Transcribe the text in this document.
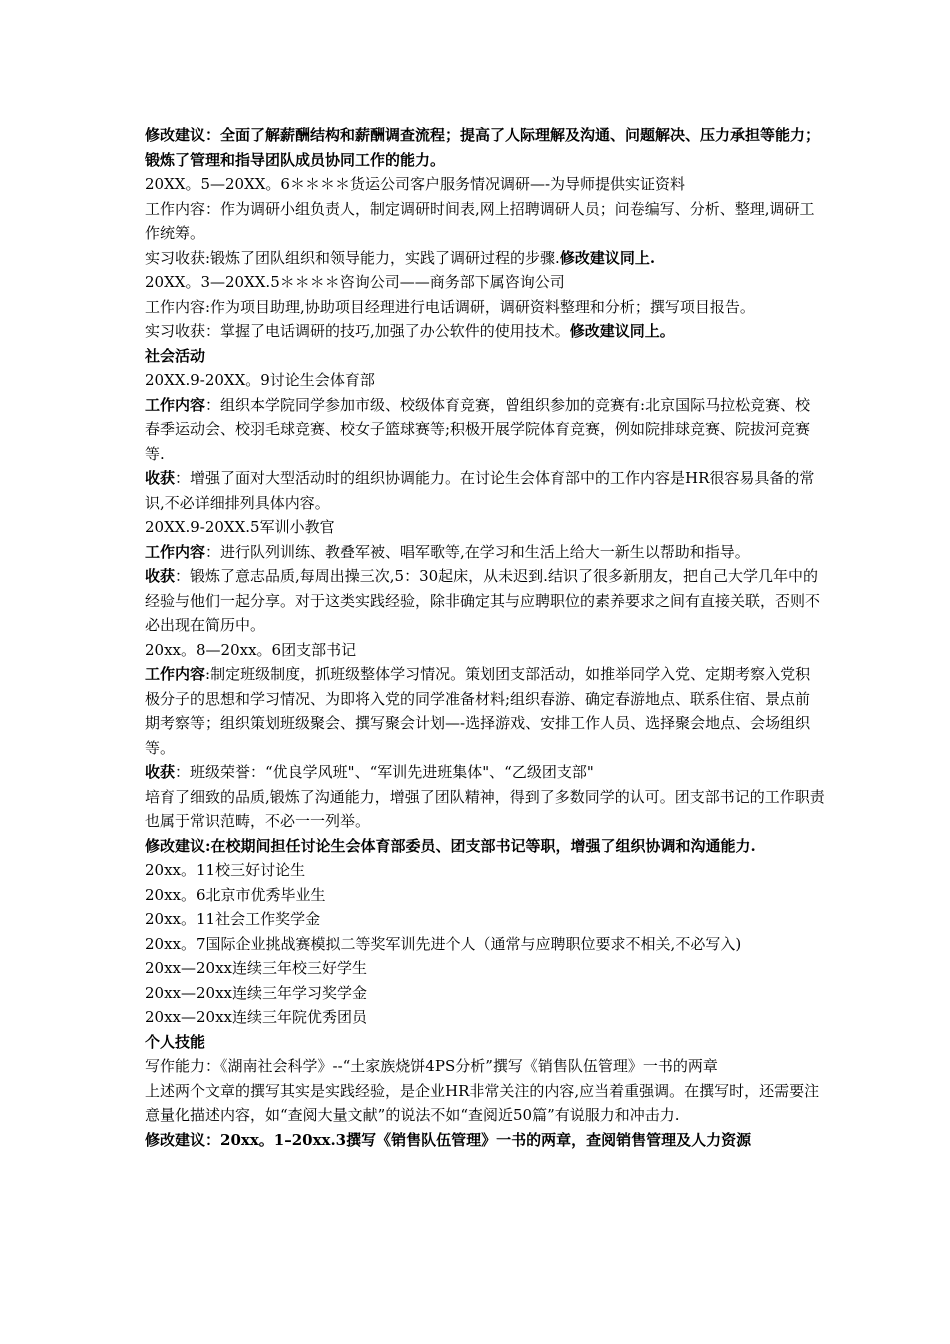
修改建议：全面了解薪酬结构和薪酬调查流程；提高了人际理解及沟通、问题解决、压力承担等能力；锻炼了管理和指导团队成员协同工作的能力。

20XX。5—20XX。6＊＊＊＊货运公司客户服务情况调研—-为导师提供实证资料

工作内容：作为调研小组负责人，制定调研时间表,网上招聘调研人员；问卷编写、分析、整理,调研工作统筹。

实习收获:锻炼了团队组织和领导能力，实践了调研过程的步骤.修改建议同上.

20XX。3—20XX.5＊＊＊＊咨询公司——商务部下属咨询公司

工作内容:作为项目助理,协助项目经理进行电话调研，调研资料整理和分析；撰写项目报告。

实习收获：掌握了电话调研的技巧,加强了办公软件的使用技术。修改建议同上。

社会活动

20XX.9-20XX。9讨论生会体育部

工作内容：组织本学院同学参加市级、校级体育竞赛，曾组织参加的竞赛有:北京国际马拉松竞赛、校春季运动会、校羽毛球竞赛、校女子篮球赛等;积极开展学院体育竞赛，例如院排球竞赛、院拔河竞赛等.

收获：增强了面对大型活动时的组织协调能力。在讨论生会体育部中的工作内容是HR很容易具备的常识,不必详细排列具体内容。

20XX.9-20XX.5军训小教官

工作内容：进行队列训练、教叠军被、唱军歌等,在学习和生活上给大一新生以帮助和指导。

收获：锻炼了意志品质,每周出操三次,5：30起床，从未迟到.结识了很多新朋友，把自己大学几年中的经验与他们一起分享。对于这类实践经验，除非确定其与应聘职位的素养要求之间有直接关联，否则不必出现在简历中。

20xx。8—20xx。6团支部书记

工作内容:制定班级制度，抓班级整体学习情况。策划团支部活动，如推举同学入党、定期考察入党积极分子的思想和学习情况、为即将入党的同学准备材料;组织春游、确定春游地点、联系住宿、景点前期考察等；组织策划班级聚会、撰写聚会计划—-选择游戏、安排工作人员、选择聚会地点、会场组织等。

收获：班级荣誉：“优良学风班"、“军训先进班集体"、“乙级团支部"

培育了细致的品质,锻炼了沟通能力，增强了团队精神，得到了多数同学的认可。团支部书记的工作职责也属于常识范畴，不必一一列举。

修改建议:在校期间担任讨论生会体育部委员、团支部书记等职，增强了组织协调和沟通能力.

20xx。11校三好讨论生

20xx。6北京市优秀毕业生

20xx。11社会工作奖学金

20xx。7国际企业挑战赛模拟二等奖军训先进个人（通常与应聘职位要求不相关,不必写入)

20xx—20xx连续三年校三好学生

20xx—20xx连续三年学习奖学金

20xx—20xx连续三年院优秀团员

个人技能

写作能力：《湖南社会科学》--“土家族烧饼4PS分析”撰写《销售队伍管理》一书的两章

上述两个文章的撰写其实是实践经验，是企业HR非常关注的内容,应当着重强调。在撰写时，还需要注意量化描述内容，如“查阅大量文献”的说法不如“查阅近50篇”有说服力和冲击力.

修改建议：20xx。1–20xx.3撰写《销售队伍管理》一书的两章，查阅销售管理及人力资源
